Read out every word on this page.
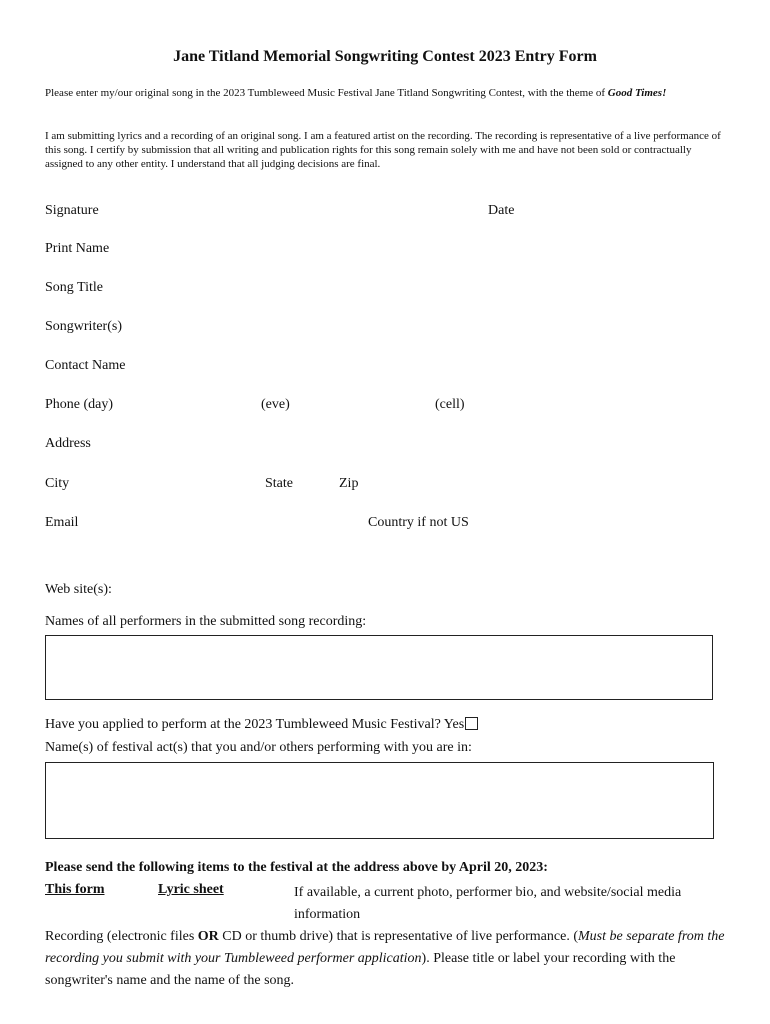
Jane Titland Memorial Songwriting Contest 2023 Entry Form
Please enter my/our original song in the 2023 Tumbleweed Music Festival Jane Titland Songwriting Contest, with the theme of Good Times!
I am submitting lyrics and a recording of an original song. I am a featured artist on the recording. The recording is representative of a live performance of this song. I certify by submission that all writing and publication rights for this song remain solely with me and have not been sold or contractually assigned to any other entity. I understand that all judging decisions are final.
Signature	Date
Print Name
Song Title
Songwriter(s)
Contact Name
Phone (day)	(eve)	(cell)
Address
City	State	Zip
Email	Country if not US
Web site(s):
Names of all performers in the submitted song recording:
Have you applied to perform at the 2023 Tumbleweed Music Festival? Yes
Name(s) of festival act(s) that you and/or others performing with you are in:
Please send the following items to the festival at the address above by April 20, 2023:
This form	Lyric sheet	If available, a current photo, performer bio, and website/social media information
Recording (electronic files OR CD or thumb drive) that is representative of live performance. (Must be separate from the recording you submit with your Tumbleweed performer application). Please title or label your recording with the songwriter's name and the name of the song.
